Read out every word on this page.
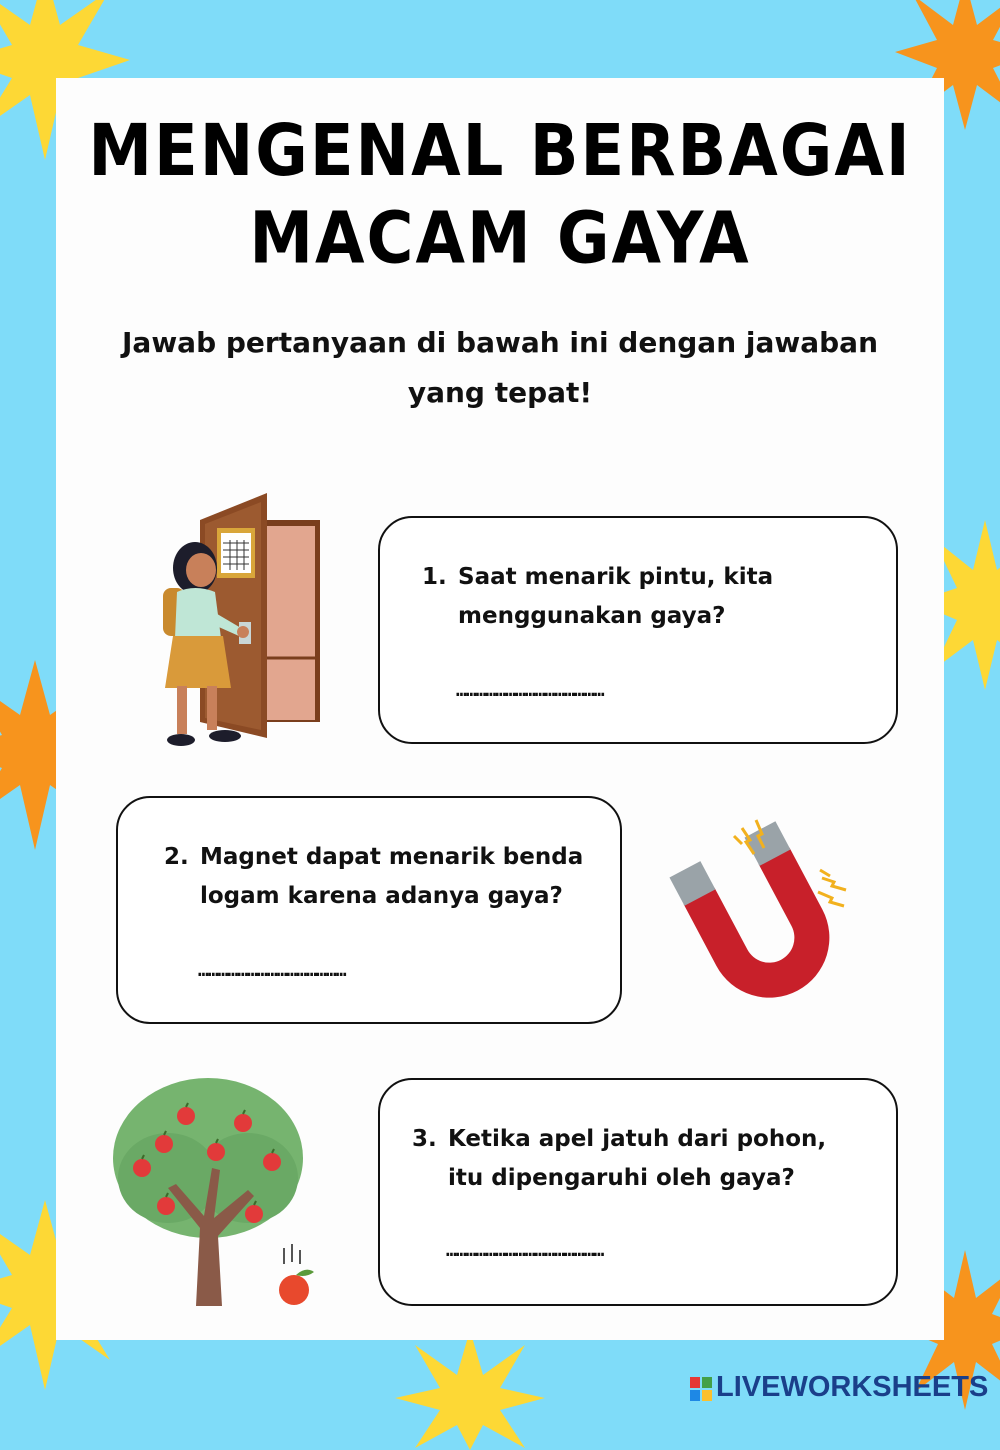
MENGENAL BERBAGAI
MACAM GAYA
Jawab pertanyaan di bawah ini dengan jawaban
yang tepat!
1. Saat menarik pintu, kita
menggunakan gaya?
………………………………………
2. Magnet dapat menarik benda
logam karena adanya gaya?
………………………………………
3. Ketika apel jatuh dari pohon,
itu dipengaruhi oleh gaya?
…………………………………………
LIVEWORKSHEETS
